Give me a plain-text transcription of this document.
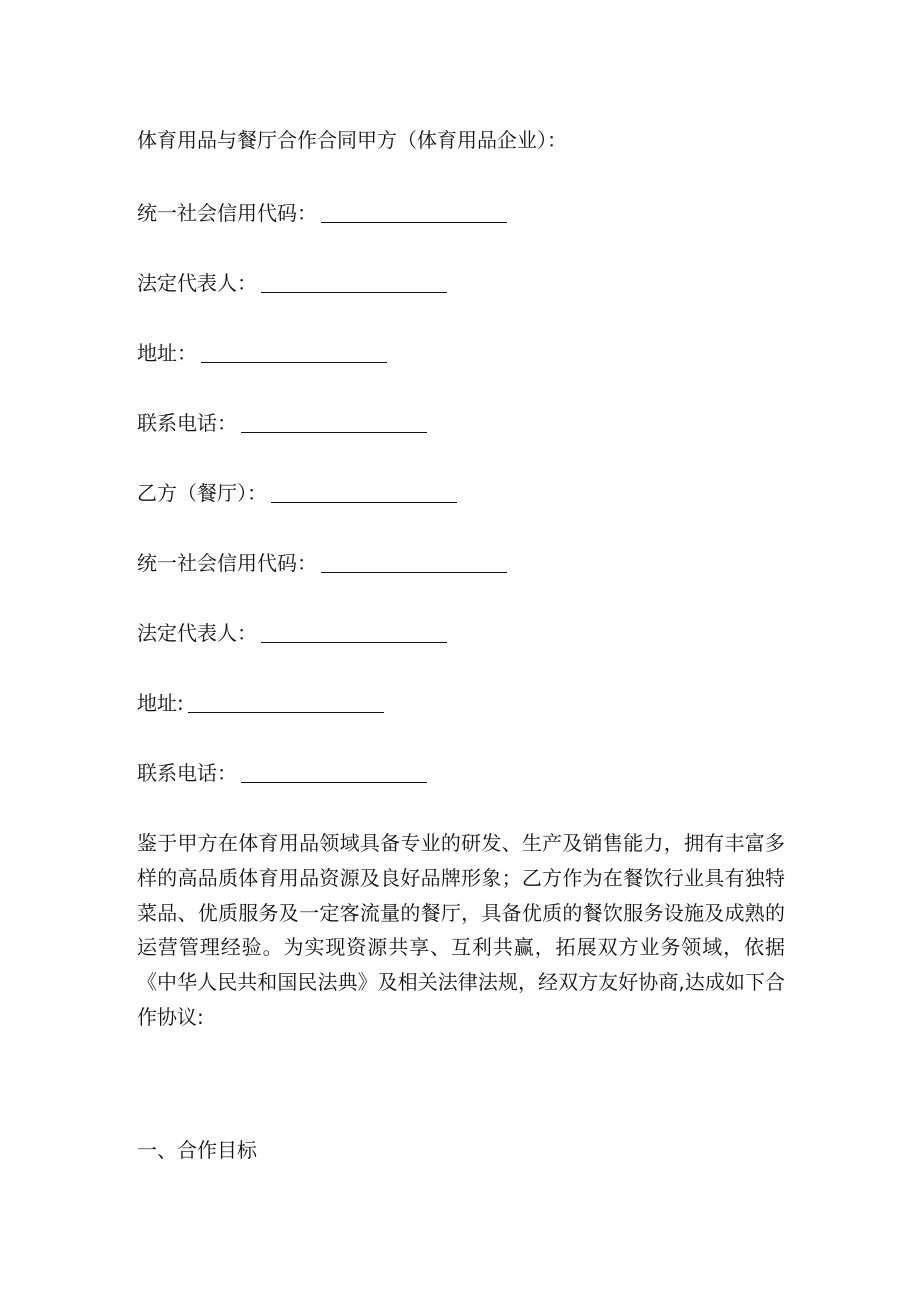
体育用品与餐厅合作合同甲方（体育用品企业）：
统一社会信用代码：
法定代表人：
地址：
联系电话：
乙方（餐厅）：
统一社会信用代码：
法定代表人：
地址:
联系电话：
鉴于甲方在体育用品领域具备专业的研发、生产及销售能力，拥有丰富多样的高品质体育用品资源及良好品牌形象；乙方作为在餐饮行业具有独特菜品、优质服务及一定客流量的餐厅，具备优质的餐饮服务设施及成熟的运营管理经验。为实现资源共享、互利共赢，拓展双方业务领域，依据《中华人民共和国民法典》及相关法律法规，经双方友好协商,达成如下合作协议:
一、合作目标
